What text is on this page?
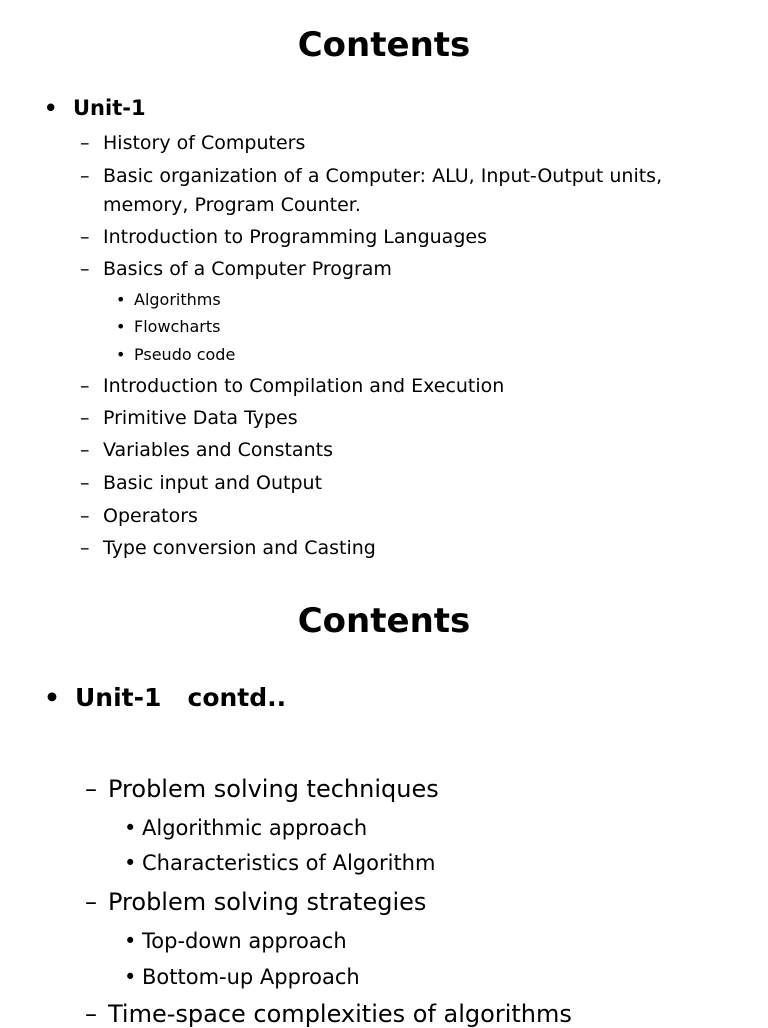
Contents
• Unit-1
– History of Computers
– Basic organization of a Computer: ALU, Input-Output units,
memory, Program Counter.
– Introduction to Programming Languages
– Basics of a Computer Program
• Algorithms
• Flowcharts
• Pseudo code
– Introduction to Compilation and Execution
– Primitive Data Types
– Variables and Constants
– Basic input and Output
– Operators
– Type conversion and Casting
Contents
• Unit-1   contd..
– Problem solving techniques
• Algorithmic approach
• Characteristics of Algorithm
– Problem solving strategies
• Top-down approach
• Bottom-up Approach
– Time-space complexities of algorithms
